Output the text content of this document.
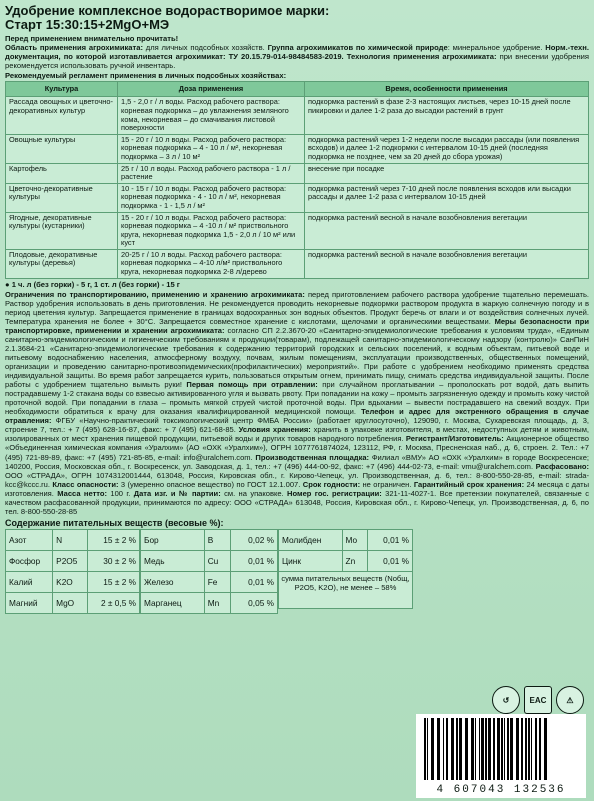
Удобрение комплексное водорастворимое марки:
Старт 15:30:15+2MgO+МЭ
Перед применением внимательно прочитать!
Область применения агрохимиката: для личных подсобных хозяйств. Группа агрохимикатов по химической природе: минеральное удобрение. Норм.-техн. документация, по которой изготавливается агрохимикат: ТУ 20.15.79-014-98484583-2019. Технология применения агрохимиката: при внесении удобрения рекомендуется использовать ручной инвентарь.
Рекомендуемый регламент применения в личных подсобных хозяйствах:
Культура	Доза применения	Время, особенности применения
Рассада овощных и цветочно-декоративных культур	1,5 - 2,0 г / л воды. Расход рабочего раствора: корневая подкормка – до увлажнения земляного кома, некорневая – до смачивания листовой поверхности	подкормка растений в фазе 2-3 настоящих листьев, через 10-15 дней после пикировки и далее 1-2 раза до высадки растений в грунт
Овощные культуры	15 - 20 г / 10 л воды. Расход рабочего раствора: корневая подкормка – 4 - 10 л / м², некорневая подкормка – 3 л / 10 м²	подкормка растений через 1-2 недели после высадки рассады (или появления всходов) и далее 1-2 подкормки с интервалом 10-15 дней (последняя подкормка не позднее, чем за 20 дней до сбора урожая)
Картофель	25 г / 10 л воды. Расход рабочего раствора - 1 л / растение	внесение при посадке
Цветочно-декоративные культуры	10 - 15 г / 10 л воды. Расход рабочего раствора: корневая подкормка - 4 - 10 л / м², некорневая подкормка - 1 - 1,5 л / м²	подкормка растений через 7-10 дней после появления всходов или высадки рассады и далее 1-2 раза с интервалом 10-15 дней
Ягодные, декоративные культуры (кустарники)	15 - 20 г / 10 л воды. Расход рабочего раствора: корневая подкормка – 4 -10 л / м² приствольного круга, некорневая подкормка 1,5 - 2,0 л / 10 м² или куст	подкормка растений весной в начале возобновления вегетации
Плодовые, декоративные культуры (деревья)	20-25 г / 10 л воды. Расход рабочего раствора: корневая подкормка – 4-10 л/м² приствольного круга, некорневая подкормка 2-8 л/дерево	подкормка растений весной в начале возобновления вегетации
● 1 ч. л (без горки) - 5 г, 1 ст. л (без горки) - 15 г
Ограничения по транспортированию, применению и хранению агрохимиката: перед приготовлением рабочего раствора удобрение тщательно перемешать. Раствор удобрения использовать в день приготовления. Не рекомендуется проводить некорневые подкормки раствором продукта в жаркую солнечную погоду и в период цветения культур. Запрещается применение в границах водоохранных зон водных объектов. Продукт беречь от влаги и от воздействия солнечных лучей. Температура хранения не более + 30°С. Запрещается совместное хранение с кислотами, щелочами и органическими веществами. Меры безопасности при транспортировке, применении и хранении агрохимиката: согласно СП 2.2.3670-20 «Санитарно-эпидемиологические требования к условиям труда», «Единым санитарно-эпидемиологическим и гигиеническим требованиям к продукции(товарам), подлежащей санитарно-эпидемиологическому надзору (контролю)» СанПиН 2.1.3684-21 «Санитарно-эпидемиологические требования к содержанию территорий городских и сельских поселений, к водным объектам, питьевой воде и питьевому водоснабжению населения, атмосферному воздуху, почвам, жилым помещениям, эксплуатации производственных, общественных помещений, организации и проведению санитарно-противоэпидемических(профилактических) мероприятий». При работе с удобрением необходимо применять средства индивидуальной защиты. Во время работ запрещается курить, пользоваться открытым огнем, принимать пищу, снимать средства индивидуальной защиты. После работы с удобрением тщательно вымыть руки! Первая помощь при отравлении: при случайном проглатывании – прополоскать рот водой, дать выпить пострадавшему 1-2 стакана воды со взвесью активированного угля и вызвать рвоту. При попадании на кожу – промыть загрязненную одежду и промыть кожу чистой проточной водой. При попадании в глаза – промыть мягкой струей чистой проточной воды. При вдыхании – вывести пострадавшего на свежий воздух. При необходимости обратиться к врачу для оказания квалифицированной медицинской помощи. Телефон и адрес для экстренного обращения в случае отравления: ФГБУ «Научно-практический токсикологический центр ФМБА России» (работает круглосуточно), 129090, г. Москва, Сухаревская площадь, д. 3, строение 7, тел.: + 7 (495) 628-16-87, факс: + 7 (495) 621-68-85. Условия хранения: хранить в упаковке изготовителя, в местах, недоступных детям и животным, изолированных от мест хранения пищевой продукции, питьевой воды и других товаров народного потребления. Регистрант/Изготовитель: Акционерное общество «Объединенная химическая компания «Уралхим» (АО «ОХК «Уралхим»), ОГРН 1077761874024, 123112, РФ, г. Москва, Пресненская наб., д. 6, строен. 2. Тел.: +7 (495) 721-89-89, факс: +7 (495) 721-85-85, e-mail: info@uralchem.com. Производственная площадка: Филиал «ВМУ» АО «ОХК «Уралхим» в городе Воскресенске; 140200, Россия, Московская обл., г. Воскресенск, ул. Заводская, д. 1, тел.: +7 (496) 444-00-92, факс: +7 (496) 444-02-73, e-mail: vmu@uralchem.com. Расфасовано: ООО «СТРАДА», ОГРН 1074312001444, 613048, Россия, Кировская обл., г. Кирово-Чепецк, ул. Производственная, д. 6, тел.: 8-800-550-28-85, e-mail: strada-kcc@kccc.ru. Класс опасности: 3 (умеренно опасное вещество) по ГОСТ 12.1.007. Срок годности: не ограничен. Гарантийный срок хранения: 24 месяца с даты изготовления. Масса нетто: 100 г. Дата изг. и № партии: см. на упаковке. Номер гос. регистрации: 321-11-4027-1. Все претензии покупателей, связанные с качеством расфасованной продукции, принимаются по адресу: ООО «СТРАДА» 613048, Россия, Кировская обл., г. Кирово-Чепецк, ул. Производственная, д. 6, по тел. 8-800-550-28-85
Содержание питательных веществ (весовые %):
Азот	N	15 ± 2 %
Фосфор	P2O5	30 ± 2 %
Калий	K2O	15 ± 2 %
Магний	MgO	2 ± 0,5 %
Бор	B	0,02 %
Медь	Cu	0,01 %
Железо	Fe	0,01 %
Марганец	Mn	0,05 %
Молибден	Mo	0,01 %
Цинк	Zn	0,01 %
сумма питательных веществ (Nобщ, P2O5, K2O), не менее – 58%
↺	EAC	⚠
4 607043 132536
